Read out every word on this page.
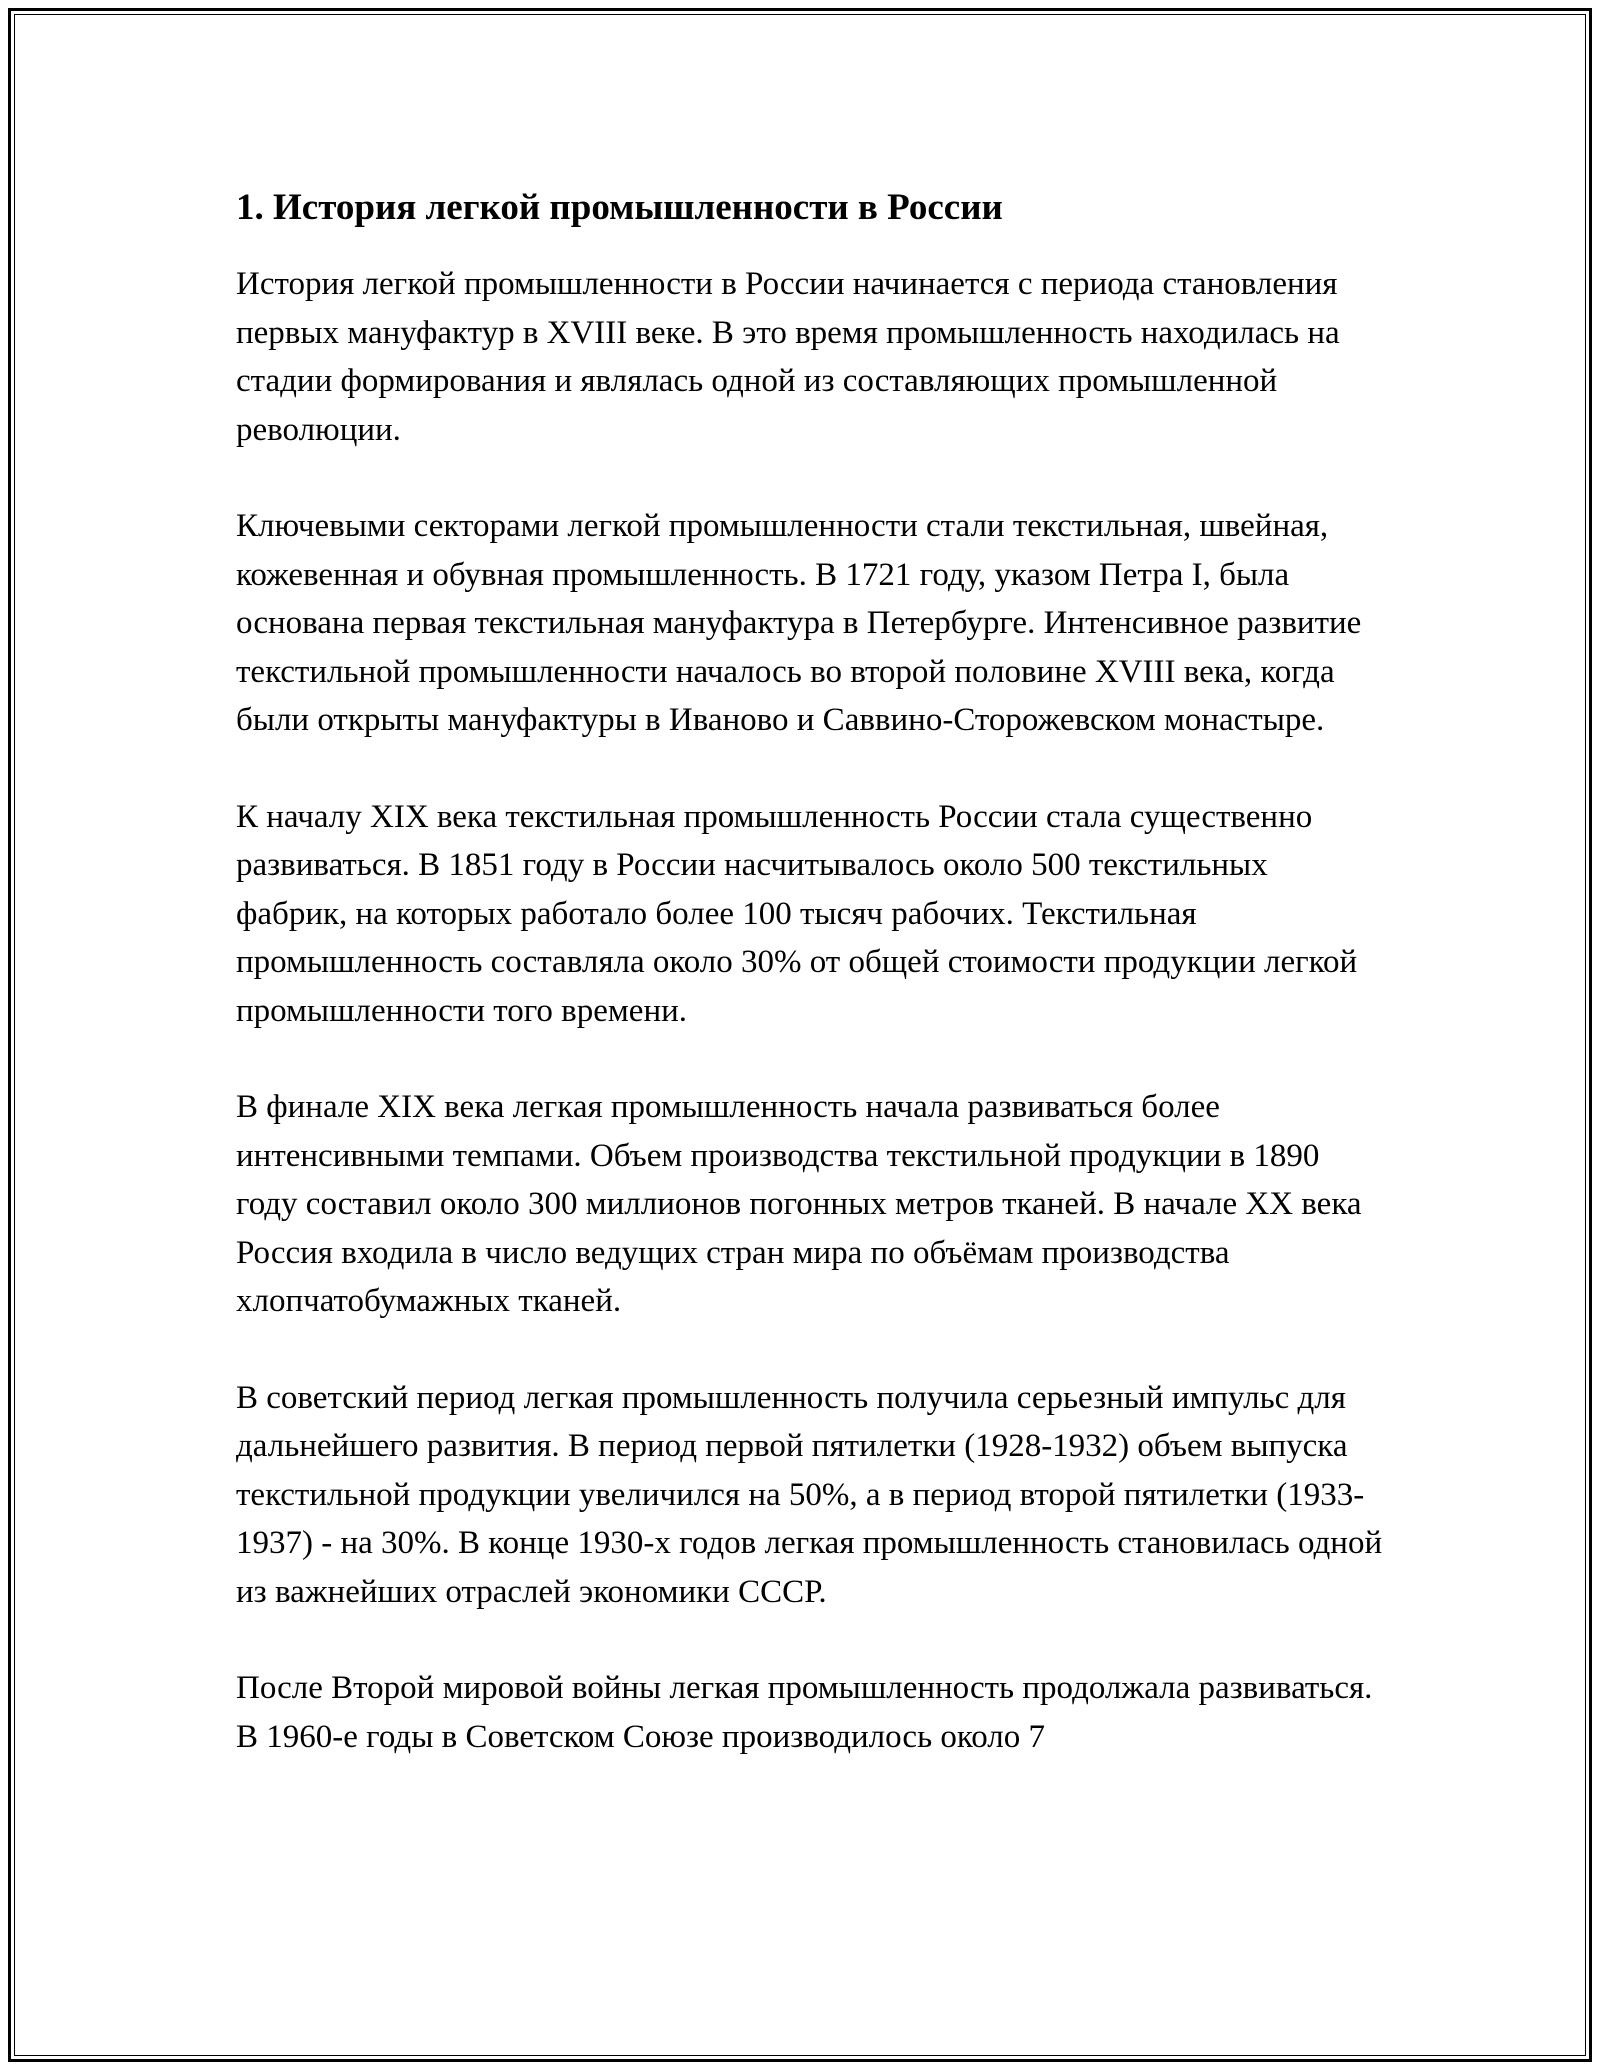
1. История легкой промышленности в России

История легкой промышленности в России начинается с периода становления первых мануфактур в XVIII веке. В это время промышленность находилась на стадии формирования и являлась одной из составляющих промышленной революции.

Ключевыми секторами легкой промышленности стали текстильная, швейная, кожевенная и обувная промышленность. В 1721 году, указом Петра I, была основана первая текстильная мануфактура в Петербурге. Интенсивное развитие текстильной промышленности началось во второй половине XVIII века, когда были открыты мануфактуры в Иваново и Саввино-Сторожевском монастыре.

К началу XIX века текстильная промышленность России стала существенно развиваться. В 1851 году в России насчитывалось около 500 текстильных фабрик, на которых работало более 100 тысяч рабочих. Текстильная промышленность составляла около 30% от общей стоимости продукции легкой промышленности того времени.

В финале XIX века легкая промышленность начала развиваться более интенсивными темпами. Объем производства текстильной продукции в 1890 году составил около 300 миллионов погонных метров тканей. В начале XX века Россия входила в число ведущих стран мира по объёмам производства хлопчатобумажных тканей.

В советский период легкая промышленность получила серьезный импульс для дальнейшего развития. В период первой пятилетки (1928-1932) объем выпуска текстильной продукции увеличился на 50%, а в период второй пятилетки (1933-1937) - на 30%. В конце 1930-х годов легкая промышленность становилась одной из важнейших отраслей экономики СССР.

После Второй мировой войны легкая промышленность продолжала развиваться. В 1960-е годы в Советском Союзе производилось около 7
